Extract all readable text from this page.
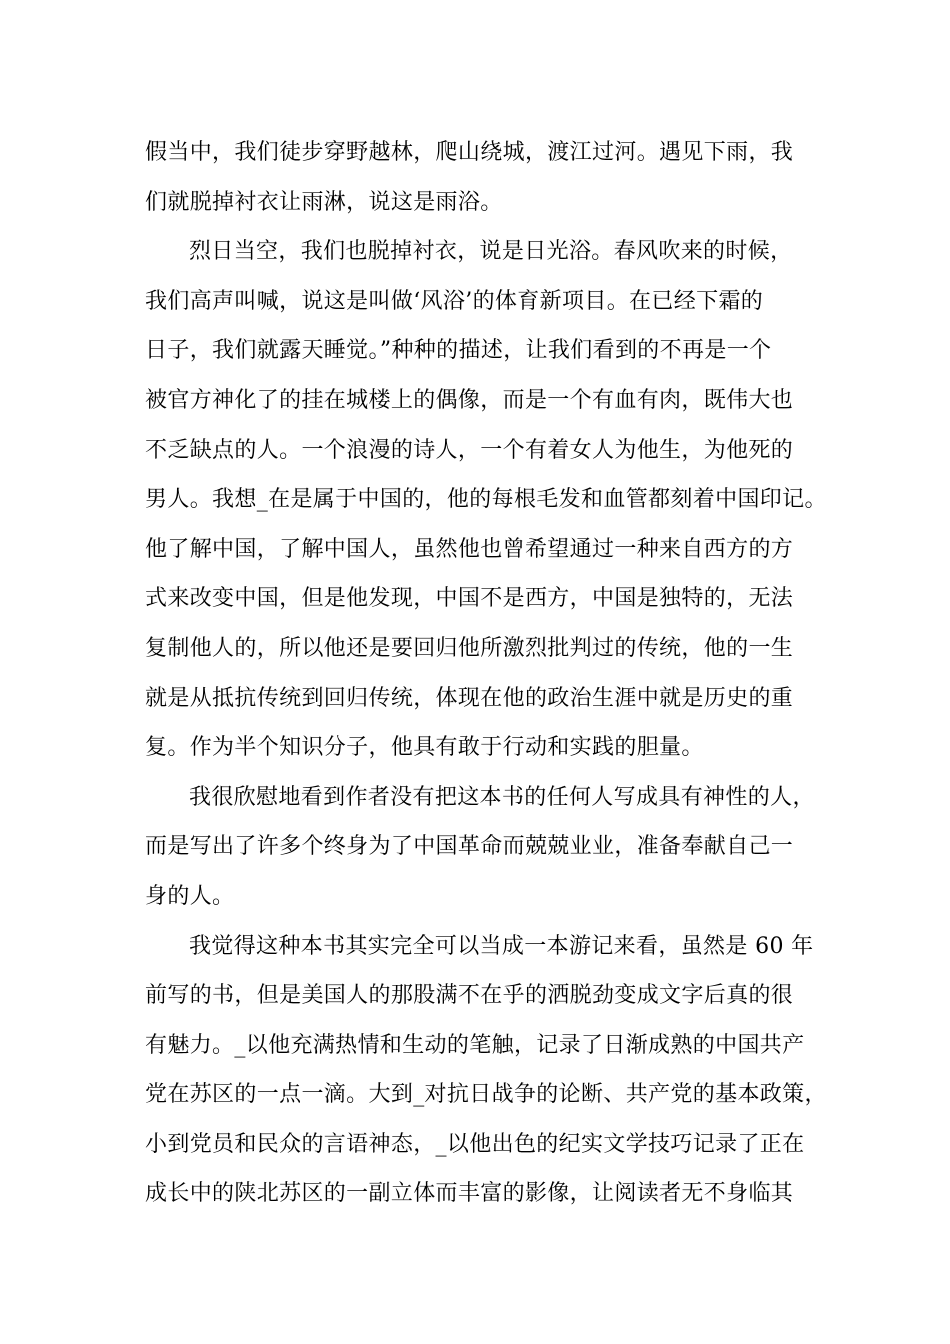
假当中，我们徒步穿野越林，爬山绕城，渡江过河。遇见下雨，我
们就脱掉衬衣让雨淋，说这是雨浴。
烈日当空，我们也脱掉衬衣，说是日光浴。春风吹来的时候，
我们高声叫喊，说这是叫做‘风浴’的体育新项目。在已经下霜的
日子，我们就露天睡觉。”种种的描述，让我们看到的不再是一个
被官方神化了的挂在城楼上的偶像，而是一个有血有肉，既伟大也
不乏缺点的人。一个浪漫的诗人，一个有着女人为他生，为他死的
男人。我想_在是属于中国的，他的每根毛发和血管都刻着中国印记。
他了解中国，了解中国人，虽然他也曾希望通过一种来自西方的方
式来改变中国，但是他发现，中国不是西方，中国是独特的，无法
复制他人的，所以他还是要回归他所激烈批判过的传统，他的一生
就是从抵抗传统到回归传统，体现在他的政治生涯中就是历史的重
复。作为半个知识分子，他具有敢于行动和实践的胆量。
我很欣慰地看到作者没有把这本书的任何人写成具有神性的人，
而是写出了许多个终身为了中国革命而兢兢业业，准备奉献自己一
身的人。
我觉得这种本书其实完全可以当成一本游记来看，虽然是 60 年
前写的书，但是美国人的那股满不在乎的洒脱劲变成文字后真的很
有魅力。_以他充满热情和生动的笔触，记录了日渐成熟的中国共产
党在苏区的一点一滴。大到_对抗日战争的论断、共产党的基本政策，
小到党员和民众的言语神态，_以他出色的纪实文学技巧记录了正在
成长中的陕北苏区的一副立体而丰富的影像，让阅读者无不身临其
